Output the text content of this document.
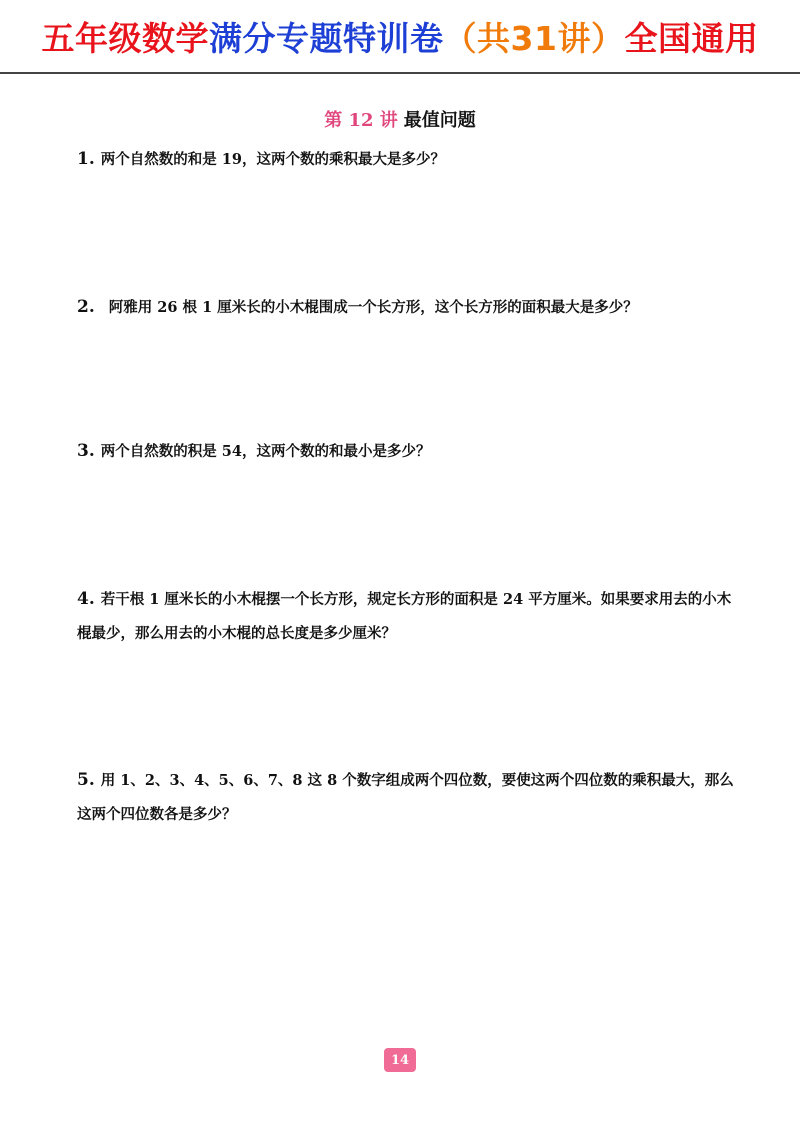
五年级数学满分专题特训卷（共31讲）全国通用
第 12 讲 最值问题
1. 两个自然数的和是 19，这两个数的乘积最大是多少？
2. 阿雅用 26 根 1 厘米长的小木棍围成一个长方形，这个长方形的面积最大是多少？
3. 两个自然数的积是 54，这两个数的和最小是多少？
4. 若干根 1 厘米长的小木棍摆一个长方形，规定长方形的面积是 24 平方厘米。如果要求用去的小木棍最少，那么用去的小木棍的总长度是多少厘米？
5. 用 1、2、3、4、5、6、7、8 这 8 个数字组成两个四位数，要使这两个四位数的乘积最大，那么这两个四位数各是多少？
14
